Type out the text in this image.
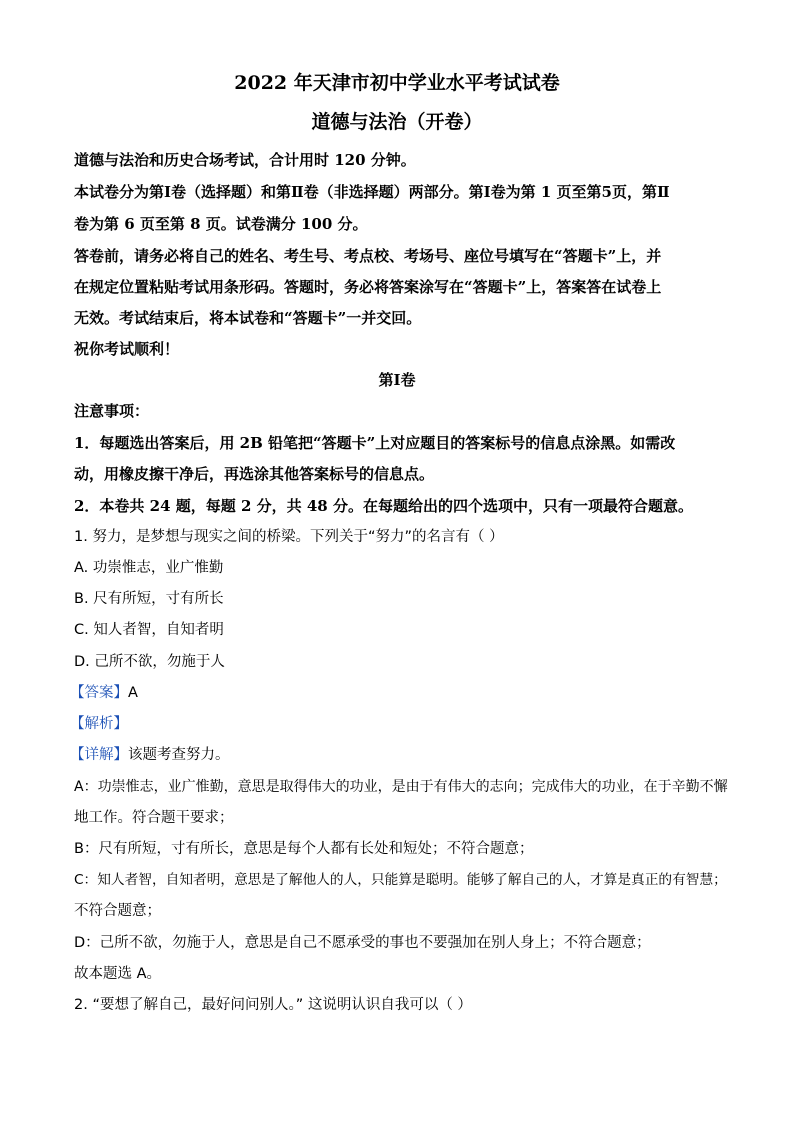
2022 年天津市初中学业水平考试试卷
道德与法治（开卷）
道德与法治和历史合场考试，合计用时 120 分钟。
本试卷分为第Ⅰ卷（选择题）和第Ⅱ卷（非选择题）两部分。第Ⅰ卷为第 1 页至第5页，第Ⅱ
卷为第 6 页至第 8 页。试卷满分 100 分。
答卷前，请务必将自己的姓名、考生号、考点校、考场号、座位号填写在“答题卡”上，并
在规定位置粘贴考试用条形码。答题时，务必将答案涂写在“答题卡”上，答案答在试卷上
无效。考试结束后，将本试卷和“答题卡”一并交回。
祝你考试顺利！
第Ⅰ卷
注意事项：
1．每题选出答案后，用 2B 铅笔把“答题卡”上对应题目的答案标号的信息点涂黑。如需改
动，用橡皮擦干净后，再选涂其他答案标号的信息点。
2．本卷共 24 题，每题 2 分，共 48 分。在每题给出的四个选项中，只有一项最符合题意。
1. 努力，是梦想与现实之间的桥梁。下列关于“努力”的名言有（ ）
A. 功崇惟志，业广惟勤
B. 尺有所短，寸有所长
C. 知人者智，自知者明
D. 己所不欲，勿施于人
【答案】A
【解析】
【详解】该题考查努力。
A：功崇惟志，业广惟勤，意思是取得伟大的功业，是由于有伟大的志向；完成伟大的功业，在于辛勤不懈
地工作。符合题干要求；
B：尺有所短，寸有所长，意思是每个人都有长处和短处；不符合题意；
C：知人者智，自知者明，意思是了解他人的人，只能算是聪明。能够了解自己的人，才算是真正的有智慧；
不符合题意；
D：己所不欲，勿施于人，意思是自己不愿承受的事也不要强加在别人身上；不符合题意；
故本题选 A。
2. “要想了解自己，最好问问别人。” 这说明认识自我可以（ ）
